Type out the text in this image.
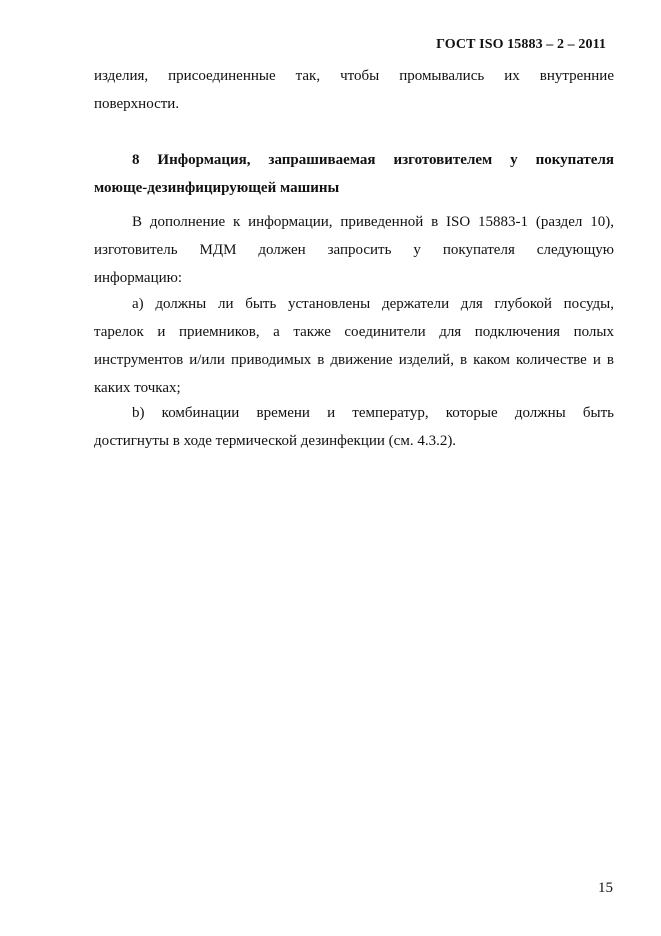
ГОСТ ISO 15883 – 2 – 2011
изделия, присоединенные так, чтобы промывались их внутренние
поверхности.
8 Информация, запрашиваемая изготовителем у покупателя
моюще-дезинфицирующей машины
В дополнение к информации, приведенной в ISO 15883-1 (раздел 10),
изготовитель МДМ должен запросить у покупателя следующую
информацию:
а) должны ли быть установлены держатели для глубокой посуды,
тарелок и приемников, а также соединители для подключения полых
инструментов и/или приводимых в движение изделий, в каком количестве и в
каких точках;
b) комбинации времени и температур, которые должны быть
достигнуты в ходе термической дезинфекции (см. 4.3.2).
15
